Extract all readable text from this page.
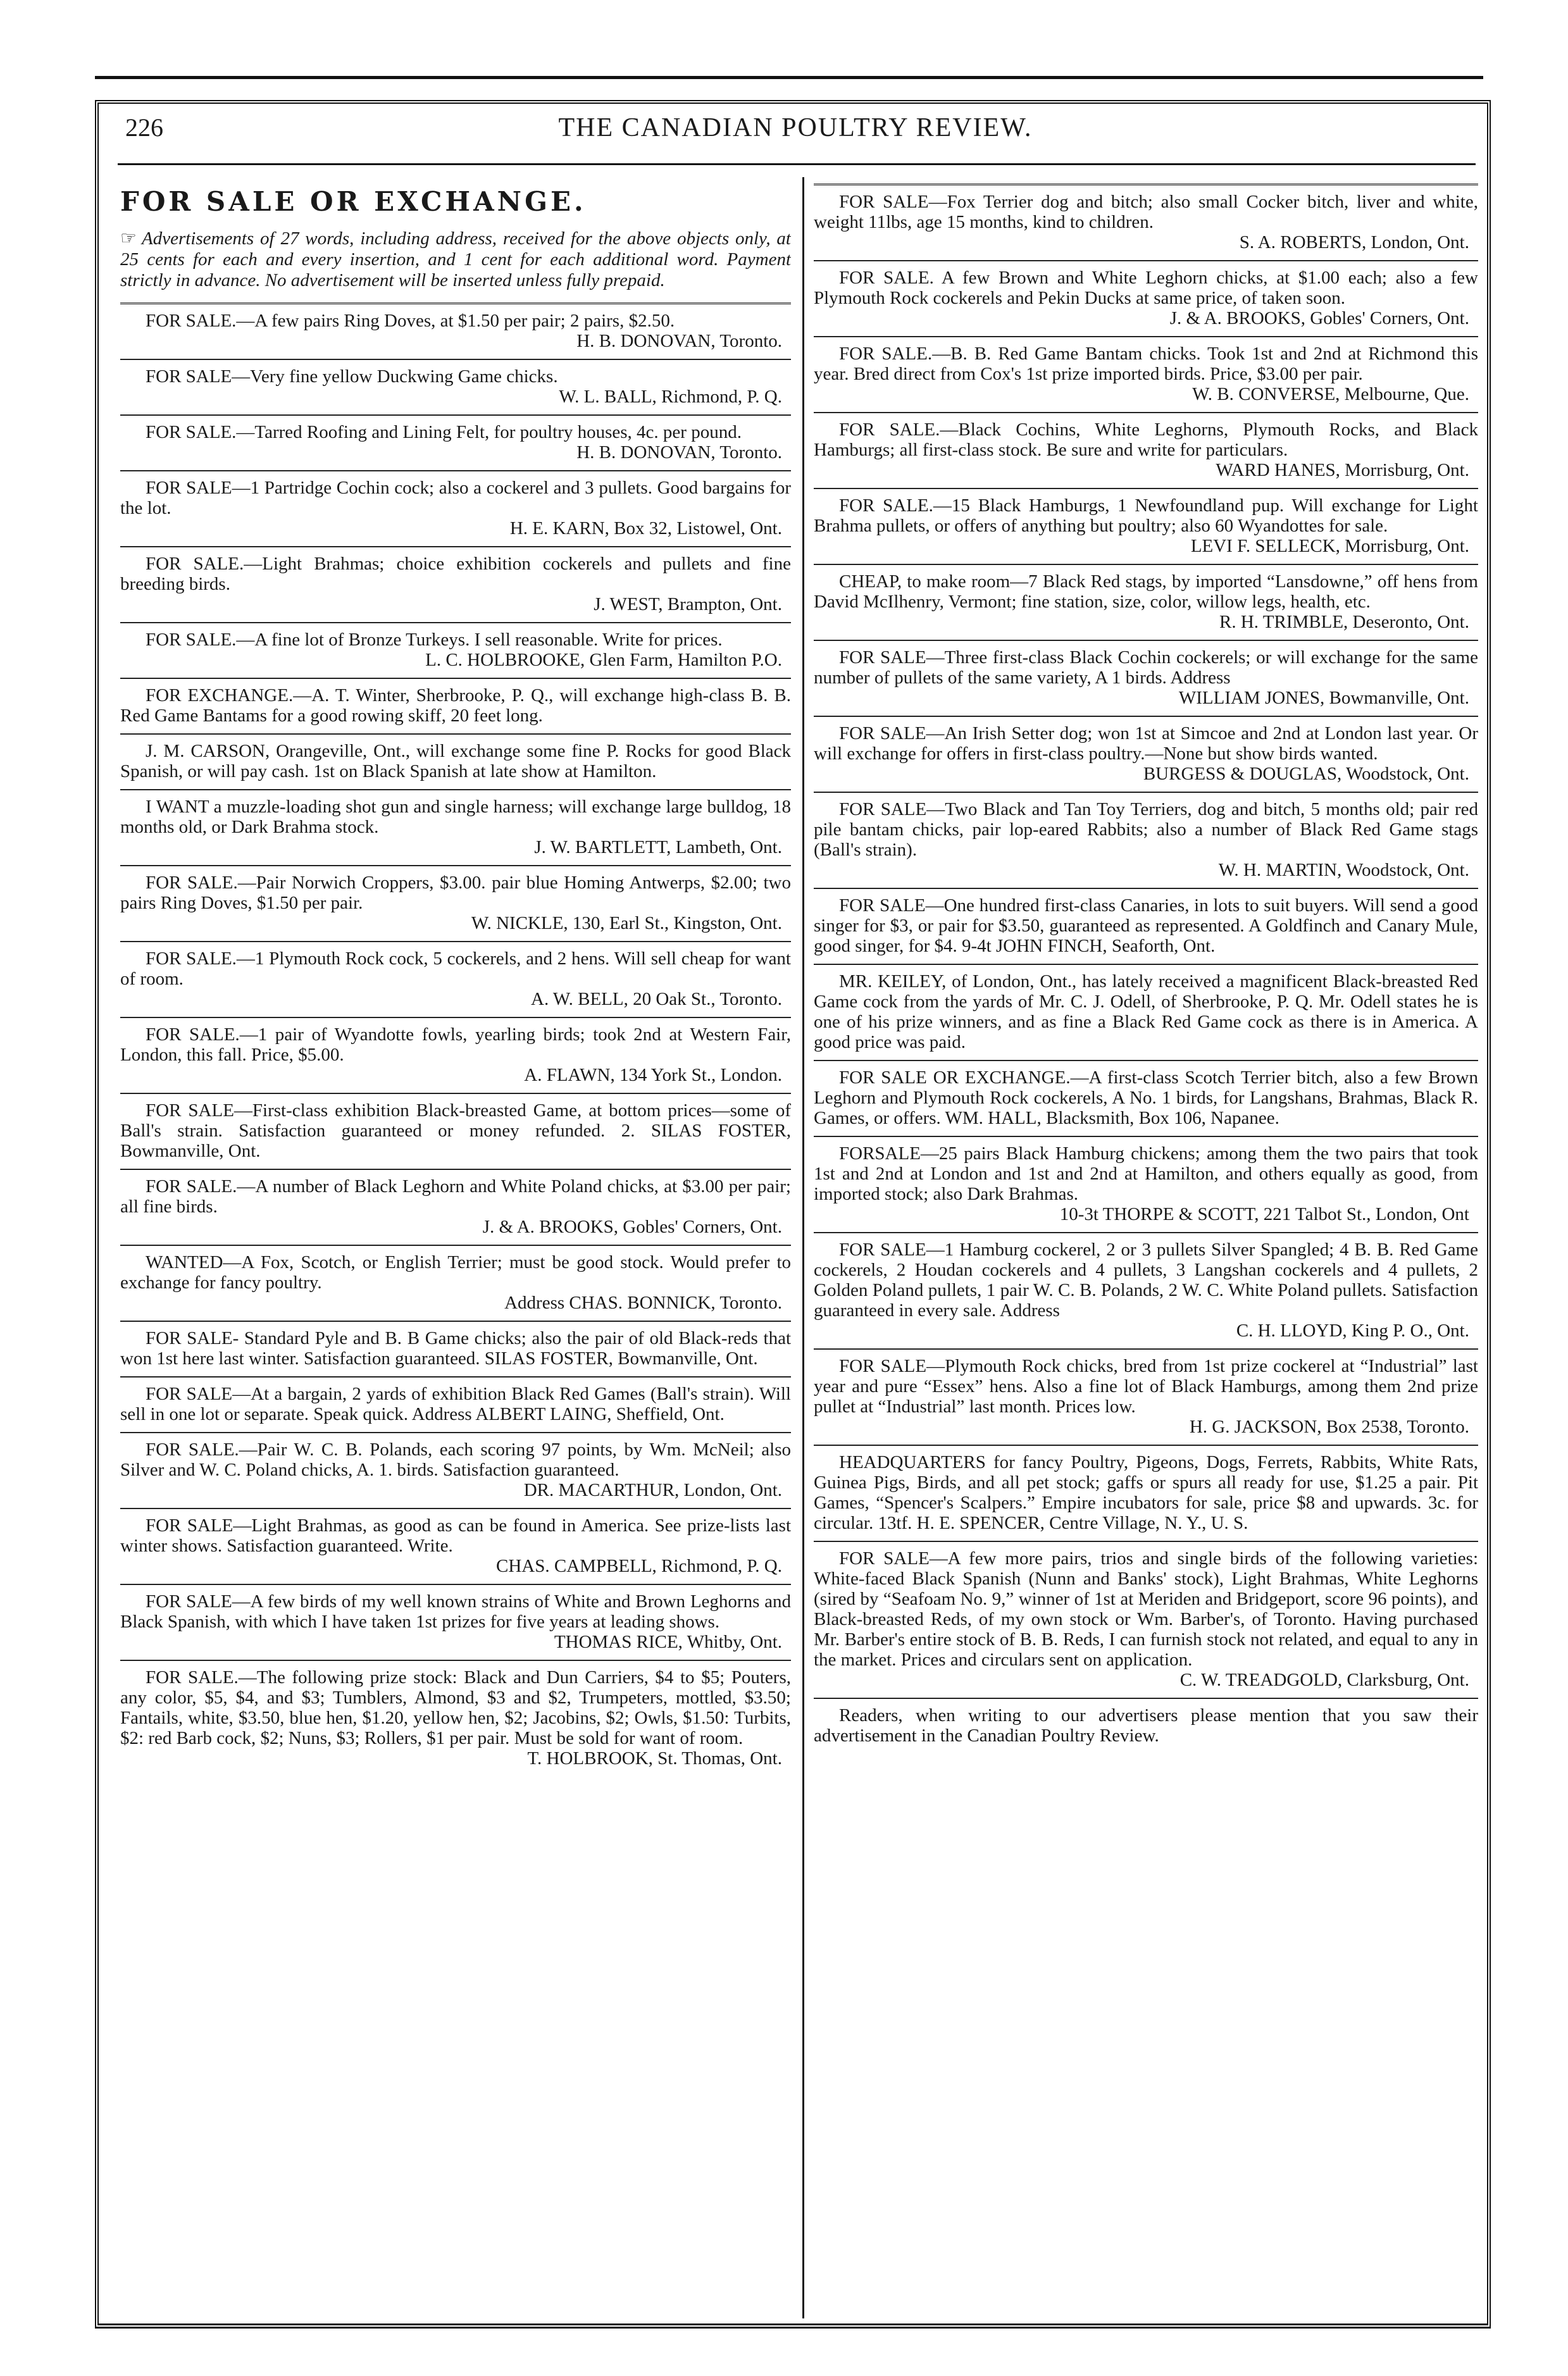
226	THE CANADIAN POULTRY REVIEW.
FOR SALE OR EXCHANGE.
☞ Advertisements of 27 words, including address, received for the above objects only, at 25 cents for each and every insertion, and 1 cent for each additional word. Payment strictly in advance. No advertisement will be inserted unless fully prepaid.
FOR SALE.—A few pairs Ring Doves, at $1.50 per pair; 2 pairs, $2.50.
H. B. DONOVAN, Toronto.
FOR SALE—Very fine yellow Duckwing Game chicks.
W. L. BALL, Richmond, P. Q.
FOR SALE.—Tarred Roofing and Lining Felt, for poultry houses, 4c. per pound.
H. B. DONOVAN, Toronto.
FOR SALE—1 Partridge Cochin cock; also a cockerel and 3 pullets. Good bargains for the lot.
H. E. KARN, Box 32, Listowel, Ont.
FOR SALE.—Light Brahmas; choice exhibition cockerels and pullets and fine breeding birds.
J. WEST, Brampton, Ont.
FOR SALE.—A fine lot of Bronze Turkeys. I sell reasonable. Write for prices.
L. C. HOLBROOKE, Glen Farm, Hamilton P.O.
FOR EXCHANGE.—A. T. Winter, Sherbrooke, P. Q., will exchange high-class B. B. Red Game Bantams for a good rowing skiff, 20 feet long.
J. M. CARSON, Orangeville, Ont., will exchange some fine P. Rocks for good Black Spanish, or will pay cash. 1st on Black Spanish at late show at Hamilton.
I WANT a muzzle-loading shot gun and single harness; will exchange large bulldog, 18 months old, or Dark Brahma stock.
J. W. BARTLETT, Lambeth, Ont.
FOR SALE.—Pair Norwich Croppers, $3.00. pair blue Homing Antwerps, $2.00; two pairs Ring Doves, $1.50 per pair.
W. NICKLE, 130, Earl St., Kingston, Ont.
FOR SALE.—1 Plymouth Rock cock, 5 cockerels, and 2 hens. Will sell cheap for want of room.
A. W. BELL, 20 Oak St., Toronto.
FOR SALE.—1 pair of Wyandotte fowls, yearling birds; took 2nd at Western Fair, London, this fall. Price, $5.00.
A. FLAWN, 134 York St., London.
FOR SALE—First-class exhibition Black-breasted Game, at bottom prices—some of Ball's strain. Satisfaction guaranteed or money refunded. 2. SILAS FOSTER, Bowmanville, Ont.
FOR SALE.—A number of Black Leghorn and White Poland chicks, at $3.00 per pair; all fine birds.
J. & A. BROOKS, Gobles' Corners, Ont.
WANTED—A Fox, Scotch, or English Terrier; must be good stock. Would prefer to exchange for fancy poultry.
Address CHAS. BONNICK, Toronto.
FOR SALE- Standard Pyle and B. B Game chicks; also the pair of old Black-reds that won 1st here last winter. Satisfaction guaranteed. SILAS FOSTER, Bowmanville, Ont.
FOR SALE—At a bargain, 2 yards of exhibition Black Red Games (Ball's strain). Will sell in one lot or separate. Speak quick. Address ALBERT LAING, Sheffield, Ont.
FOR SALE.—Pair W. C. B. Polands, each scoring 97 points, by Wm. McNeil; also Silver and W. C. Poland chicks, A. 1. birds. Satisfaction guaranteed.
DR. MACARTHUR, London, Ont.
FOR SALE—Light Brahmas, as good as can be found in America. See prize-lists last winter shows. Satisfaction guaranteed. Write.
CHAS. CAMPBELL, Richmond, P. Q.
FOR SALE—A few birds of my well known strains of White and Brown Leghorns and Black Spanish, with which I have taken 1st prizes for five years at leading shows.
THOMAS RICE, Whitby, Ont.
FOR SALE.—The following prize stock: Black and Dun Carriers, $4 to $5; Pouters, any color, $5, $4, and $3; Tumblers, Almond, $3 and $2, Trumpeters, mottled, $3.50; Fantails, white, $3.50, blue hen, $1.20, yellow hen, $2; Jacobins, $2; Owls, $1.50: Turbits, $2: red Barb cock, $2; Nuns, $3; Rollers, $1 per pair. Must be sold for want of room.
T. HOLBROOK, St. Thomas, Ont.
FOR SALE—Fox Terrier dog and bitch; also small Cocker bitch, liver and white, weight 11lbs, age 15 months, kind to children.
S. A. ROBERTS, London, Ont.
FOR SALE. A few Brown and White Leghorn chicks, at $1.00 each; also a few Plymouth Rock cockerels and Pekin Ducks at same price, of taken soon.
J. & A. BROOKS, Gobles' Corners, Ont.
FOR SALE.—B. B. Red Game Bantam chicks. Took 1st and 2nd at Richmond this year. Bred direct from Cox's 1st prize imported birds. Price, $3.00 per pair.
W. B. CONVERSE, Melbourne, Que.
FOR SALE.—Black Cochins, White Leghorns, Plymouth Rocks, and Black Hamburgs; all first-class stock. Be sure and write for particulars.
WARD HANES, Morrisburg, Ont.
FOR SALE.—15 Black Hamburgs, 1 Newfoundland pup. Will exchange for Light Brahma pullets, or offers of anything but poultry; also 60 Wyandottes for sale.
LEVI F. SELLECK, Morrisburg, Ont.
CHEAP, to make room—7 Black Red stags, by imported “Lansdowne,” off hens from David McIlhenry, Vermont; fine station, size, color, willow legs, health, etc.
R. H. TRIMBLE, Deseronto, Ont.
FOR SALE—Three first-class Black Cochin cockerels; or will exchange for the same number of pullets of the same variety, A 1 birds. Address
WILLIAM JONES, Bowmanville, Ont.
FOR SALE—An Irish Setter dog; won 1st at Simcoe and 2nd at London last year. Or will exchange for offers in first-class poultry.—None but show birds wanted.
BURGESS & DOUGLAS, Woodstock, Ont.
FOR SALE—Two Black and Tan Toy Terriers, dog and bitch, 5 months old; pair red pile bantam chicks, pair lop-eared Rabbits; also a number of Black Red Game stags (Ball's strain).
W. H. MARTIN, Woodstock, Ont.
FOR SALE—One hundred first-class Canaries, in lots to suit buyers. Will send a good singer for $3, or pair for $3.50, guaranteed as represented. A Goldfinch and Canary Mule, good singer, for $4. 9-4t JOHN FINCH, Seaforth, Ont.
MR. KEILEY, of London, Ont., has lately received a magnificent Black-breasted Red Game cock from the yards of Mr. C. J. Odell, of Sherbrooke, P. Q. Mr. Odell states he is one of his prize winners, and as fine a Black Red Game cock as there is in America. A good price was paid.
FOR SALE OR EXCHANGE.—A first-class Scotch Terrier bitch, also a few Brown Leghorn and Plymouth Rock cockerels, A No. 1 birds, for Langshans, Brahmas, Black R. Games, or offers. WM. HALL, Blacksmith, Box 106, Napanee.
FORSALE—25 pairs Black Hamburg chickens; among them the two pairs that took 1st and 2nd at London and 1st and 2nd at Hamilton, and others equally as good, from imported stock; also Dark Brahmas.
10-3t THORPE & SCOTT, 221 Talbot St., London, Ont
FOR SALE—1 Hamburg cockerel, 2 or 3 pullets Silver Spangled; 4 B. B. Red Game cockerels, 2 Houdan cockerels and 4 pullets, 3 Langshan cockerels and 4 pullets, 2 Golden Poland pullets, 1 pair W. C. B. Polands, 2 W. C. White Poland pullets. Satisfaction guaranteed in every sale. Address
C. H. LLOYD, King P. O., Ont.
FOR SALE—Plymouth Rock chicks, bred from 1st prize cockerel at “Industrial” last year and pure “Essex” hens. Also a fine lot of Black Hamburgs, among them 2nd prize pullet at “Industrial” last month. Prices low.
H. G. JACKSON, Box 2538, Toronto.
HEADQUARTERS for fancy Poultry, Pigeons, Dogs, Ferrets, Rabbits, White Rats, Guinea Pigs, Birds, and all pet stock; gaffs or spurs all ready for use, $1.25 a pair. Pit Games, “Spencer's Scalpers.” Empire incubators for sale, price $8 and upwards. 3c. for circular. 13tf. H. E. SPENCER, Centre Village, N. Y., U. S.
FOR SALE—A few more pairs, trios and single birds of the following varieties: White-faced Black Spanish (Nunn and Banks' stock), Light Brahmas, White Leghorns (sired by “Seafoam No. 9,” winner of 1st at Meriden and Bridgeport, score 96 points), and Black-breasted Reds, of my own stock or Wm. Barber's, of Toronto. Having purchased Mr. Barber's entire stock of B. B. Reds, I can furnish stock not related, and equal to any in the market. Prices and circulars sent on application.
C. W. TREADGOLD, Clarksburg, Ont.
Readers, when writing to our advertisers please mention that you saw their advertisement in the Canadian Poultry Review.
